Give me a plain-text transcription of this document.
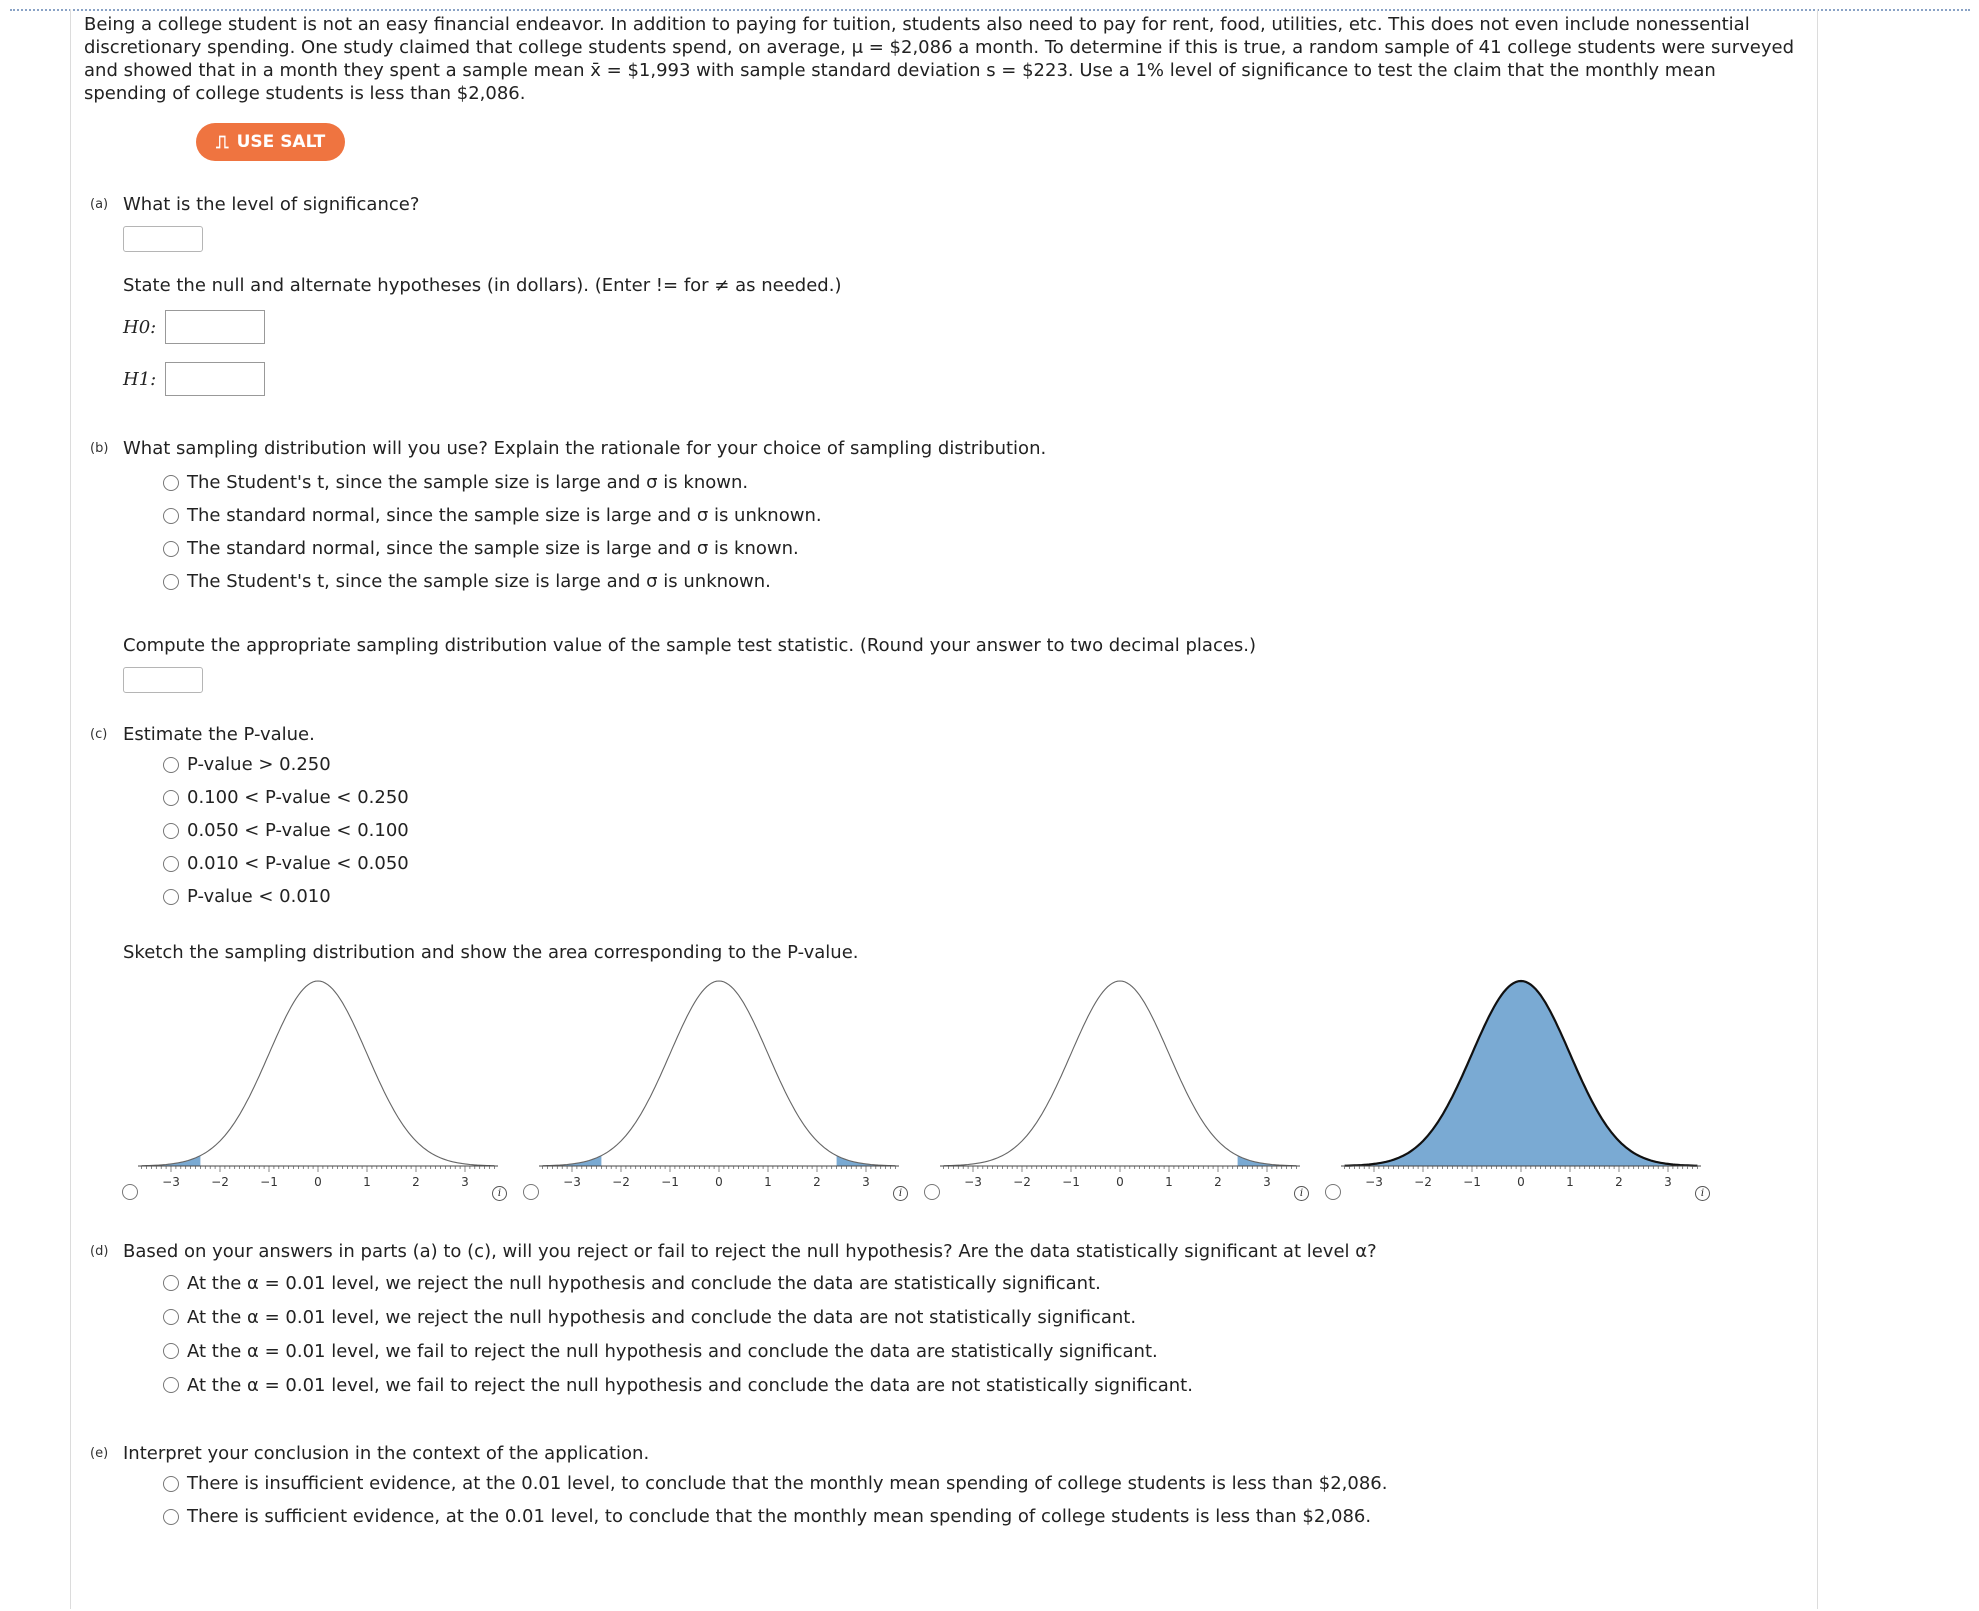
Being a college student is not an easy financial endeavor. In addition to paying for tuition, students also need to pay for rent, food, utilities, etc. This does not even include nonessential discretionary spending. One study claimed that college students spend, on average, μ = $2,086 a month. To determine if this is true, a random sample of 41 college students were surveyed and showed that in a month they spent a sample mean x̄ = $1,993 with sample standard deviation s = $223. Use a 1% level of significance to test the claim that the monthly mean spending of college students is less than $2,086.
⎍ USE SALT
(a) What is the level of significance?
State the null and alternate hypotheses (in dollars). (Enter != for ≠ as needed.)
H0:
H1:
(b) What sampling distribution will you use? Explain the rationale for your choice of sampling distribution.
The Student's t, since the sample size is large and σ is known.
The standard normal, since the sample size is large and σ is unknown.
The standard normal, since the sample size is large and σ is known.
The Student's t, since the sample size is large and σ is unknown.
Compute the appropriate sampling distribution value of the sample test statistic. (Round your answer to two decimal places.)
(c) Estimate the P-value.
P-value > 0.250
0.100 < P-value < 0.250
0.050 < P-value < 0.100
0.010 < P-value < 0.050
P-value < 0.010
Sketch the sampling distribution and show the area corresponding to the P-value.
−3	−2	−1	0	1	2	3
i
−3	−2	−1	0	1	2	3
i
−3	−2	−1	0	1	2	3
i
−3	−2	−1	0	1	2	3
i
(d) Based on your answers in parts (a) to (c), will you reject or fail to reject the null hypothesis? Are the data statistically significant at level α?
At the α = 0.01 level, we reject the null hypothesis and conclude the data are statistically significant.
At the α = 0.01 level, we reject the null hypothesis and conclude the data are not statistically significant.
At the α = 0.01 level, we fail to reject the null hypothesis and conclude the data are statistically significant.
At the α = 0.01 level, we fail to reject the null hypothesis and conclude the data are not statistically significant.
(e) Interpret your conclusion in the context of the application.
There is insufficient evidence, at the 0.01 level, to conclude that the monthly mean spending of college students is less than $2,086.
There is sufficient evidence, at the 0.01 level, to conclude that the monthly mean spending of college students is less than $2,086.
